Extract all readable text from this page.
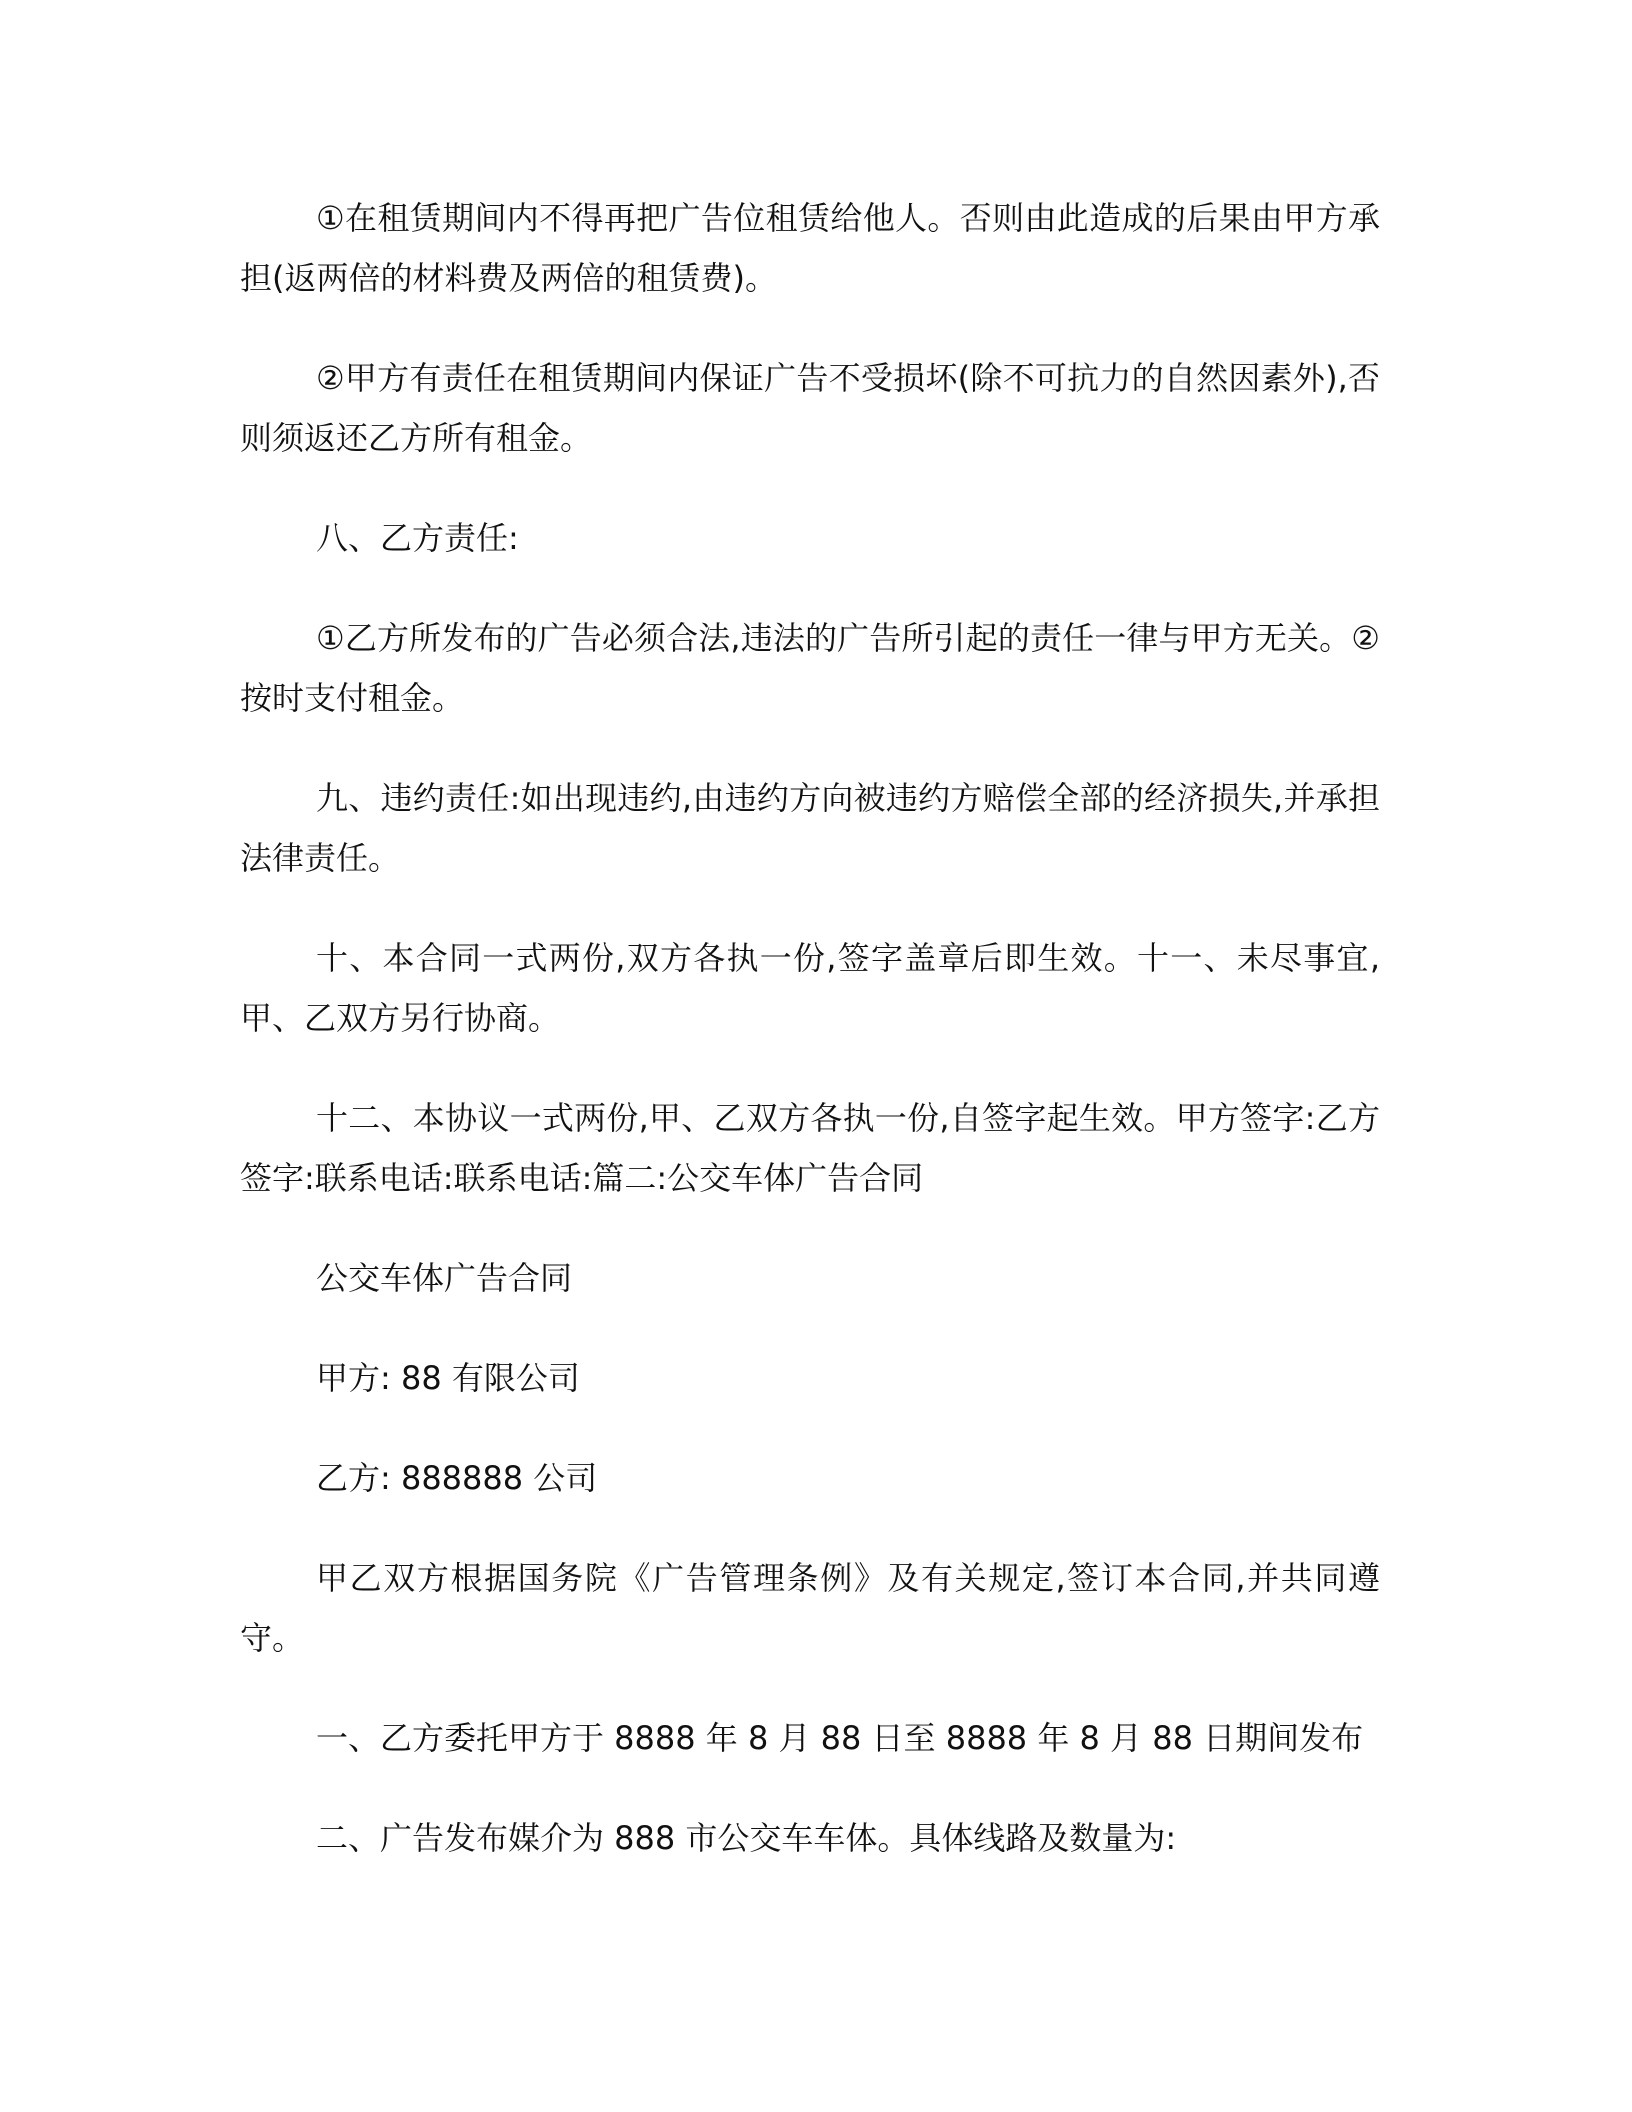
①在租赁期间内不得再把广告位租赁给他人。否则由此造成的后果由甲方承担(返两倍的材料费及两倍的租赁费)。

②甲方有责任在租赁期间内保证广告不受损坏(除不可抗力的自然因素外),否则须返还乙方所有租金。

八、乙方责任:

①乙方所发布的广告必须合法,违法的广告所引起的责任一律与甲方无关。②按时支付租金。

九、违约责任:如出现违约,由违约方向被违约方赔偿全部的经济损失,并承担法律责任。

十、本合同一式两份,双方各执一份,签字盖章后即生效。十一、未尽事宜,甲、乙双方另行协商。

十二、本协议一式两份,甲、乙双方各执一份,自签字起生效。甲方签字:乙方签字:联系电话:联系电话:篇二:公交车体广告合同

公交车体广告合同

甲方: 88 有限公司

乙方: 888888 公司

甲乙双方根据国务院《广告管理条例》及有关规定,签订本合同,并共同遵守。

一、乙方委托甲方于 8888 年 8 月 88 日至 8888 年 8 月 88 日期间发布

二、广告发布媒介为 888 市公交车车体。具体线路及数量为:
